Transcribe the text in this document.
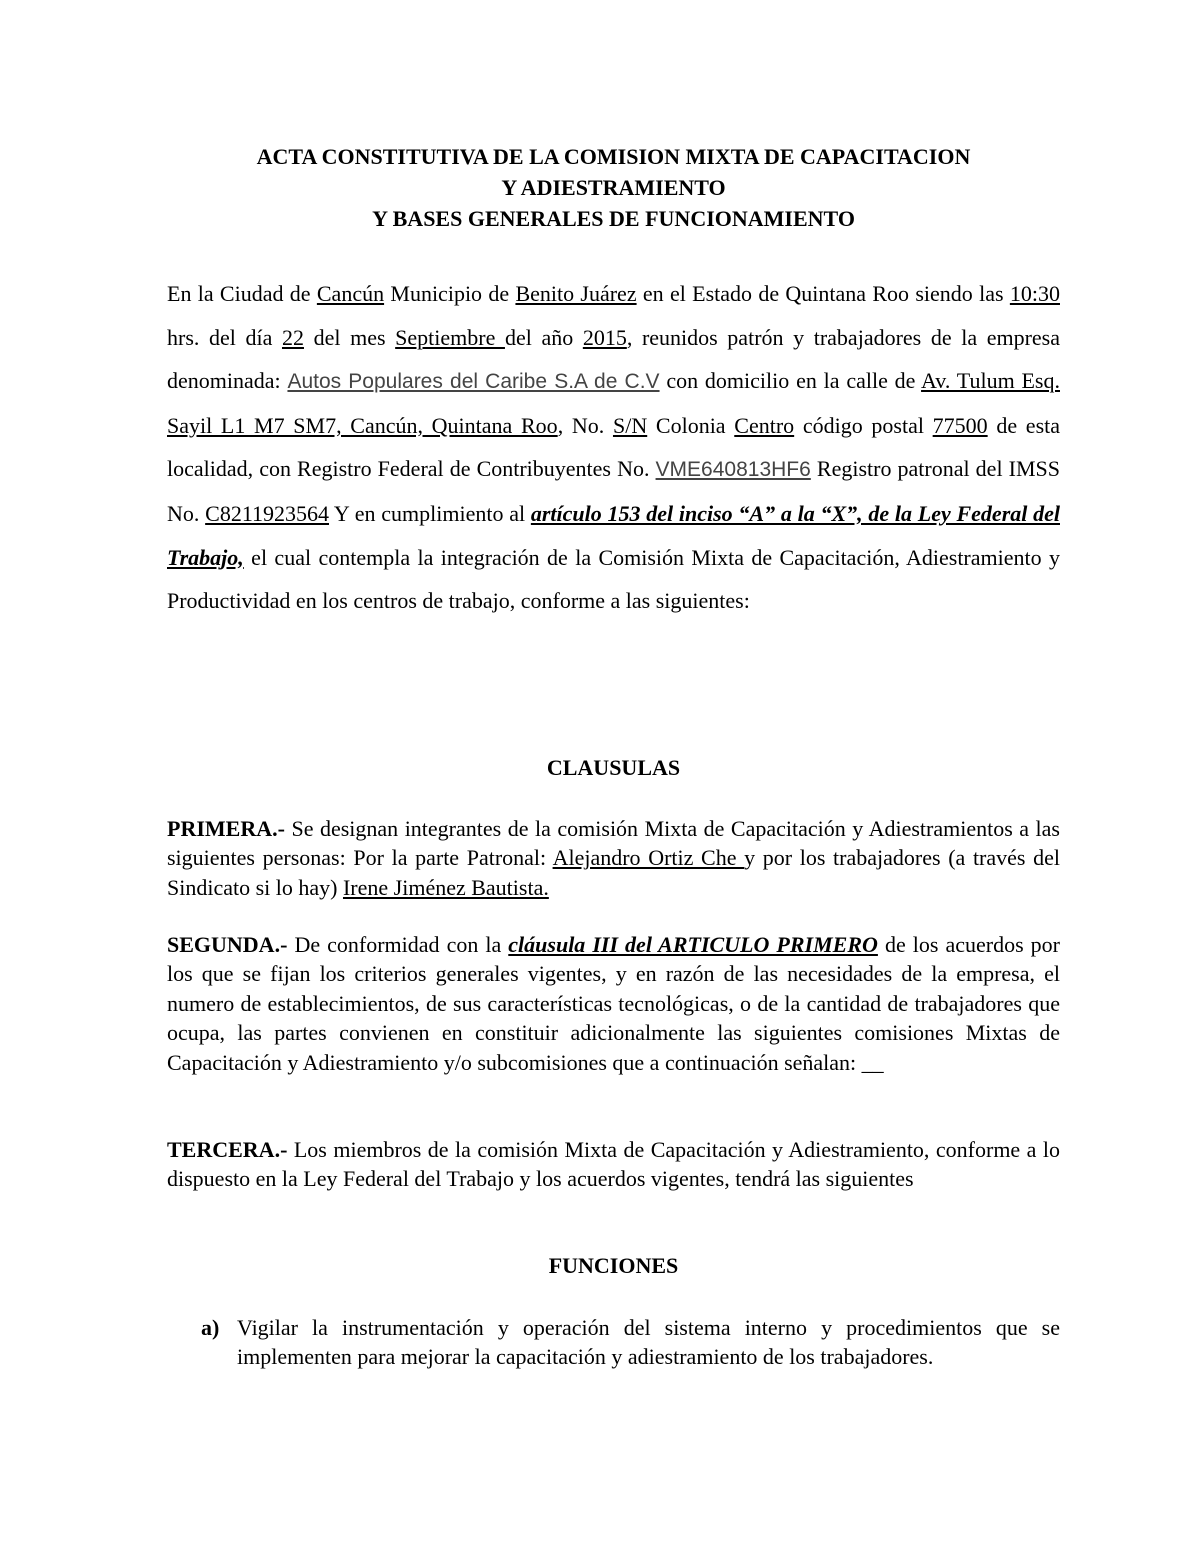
ACTA CONSTITUTIVA DE LA COMISION MIXTA DE CAPACITACION
Y ADIESTRAMIENTO
Y BASES GENERALES DE FUNCIONAMIENTO
En la Ciudad de Cancún Municipio de Benito Juárez en el Estado de Quintana Roo siendo las 10:30 hrs. del día 22 del mes Septiembre del año 2015, reunidos patrón y trabajadores de la empresa denominada: Autos Populares del Caribe S.A de C.V con domicilio en la calle de Av. Tulum Esq. Sayil L1 M7 SM7, Cancún, Quintana Roo, No. S/N Colonia Centro código postal 77500 de esta localidad, con Registro Federal de Contribuyentes No. VME640813HF6 Registro patronal del IMSS No. C8211923564 Y en cumplimiento al artículo 153 del inciso “A” a la “X”, de la Ley Federal del Trabajo, el cual contempla la integración de la Comisión Mixta de Capacitación, Adiestramiento y Productividad en los centros de trabajo, conforme a las siguientes:
CLAUSULAS
PRIMERA.- Se designan integrantes de la comisión Mixta de Capacitación y Adiestramientos a las siguientes personas: Por la parte Patronal: Alejandro Ortiz Che y por los trabajadores (a través del Sindicato si lo hay) Irene Jiménez Bautista.
SEGUNDA.- De conformidad con la cláusula III del ARTICULO PRIMERO de los acuerdos por los que se fijan los criterios generales vigentes, y en razón de las necesidades de la empresa, el numero de establecimientos, de sus características tecnológicas, o de la cantidad de trabajadores que ocupa, las partes convienen en constituir adicionalmente las siguientes comisiones Mixtas de Capacitación y Adiestramiento y/o subcomisiones que a continuación señalan: __
TERCERA.- Los miembros de la comisión Mixta de Capacitación y Adiestramiento, conforme a lo dispuesto en la Ley Federal del Trabajo y los acuerdos vigentes, tendrá las siguientes
FUNCIONES
a) Vigilar la instrumentación y operación del sistema interno y procedimientos que se implementen para mejorar la capacitación y adiestramiento de los trabajadores.
